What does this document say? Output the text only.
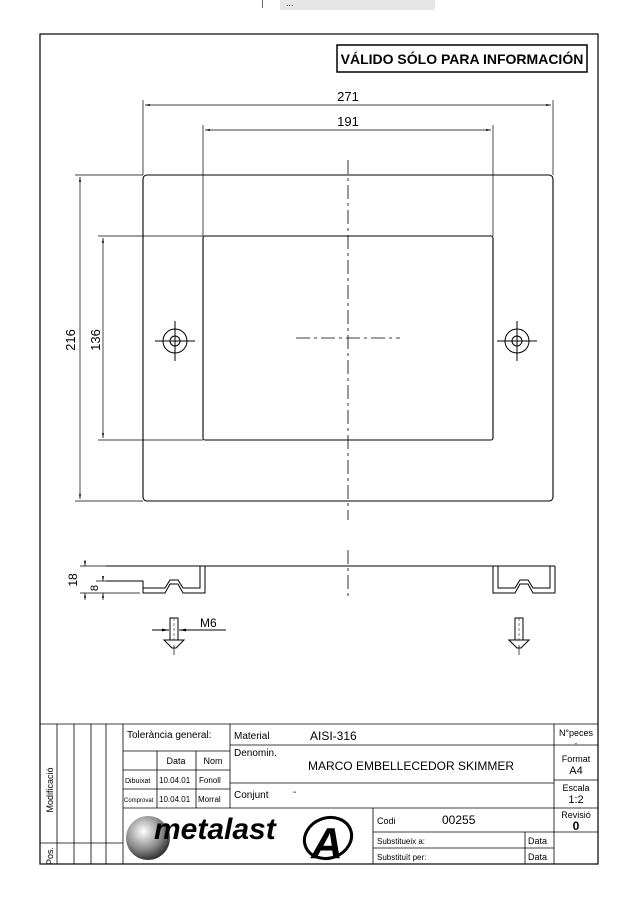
...
VÁLIDO SÓLO PARA INFORMACIÓN
271
191
216 136
18
8
M6
Tolerància general:
Data Nom
Dibuixat 10.04.01 Fonoll
Comprovat 10.04.01 Morral
Material	AISI-316
Denomin.
MARCO EMBELLECEDOR SKIMMER
Conjunt -
N°peces
-
Format
A4
Escala
1:2
Revisió
0
Codi	00255
Substitueix a:
Substituït per:
Data
Data
Modificació
Pos.
metalast A
